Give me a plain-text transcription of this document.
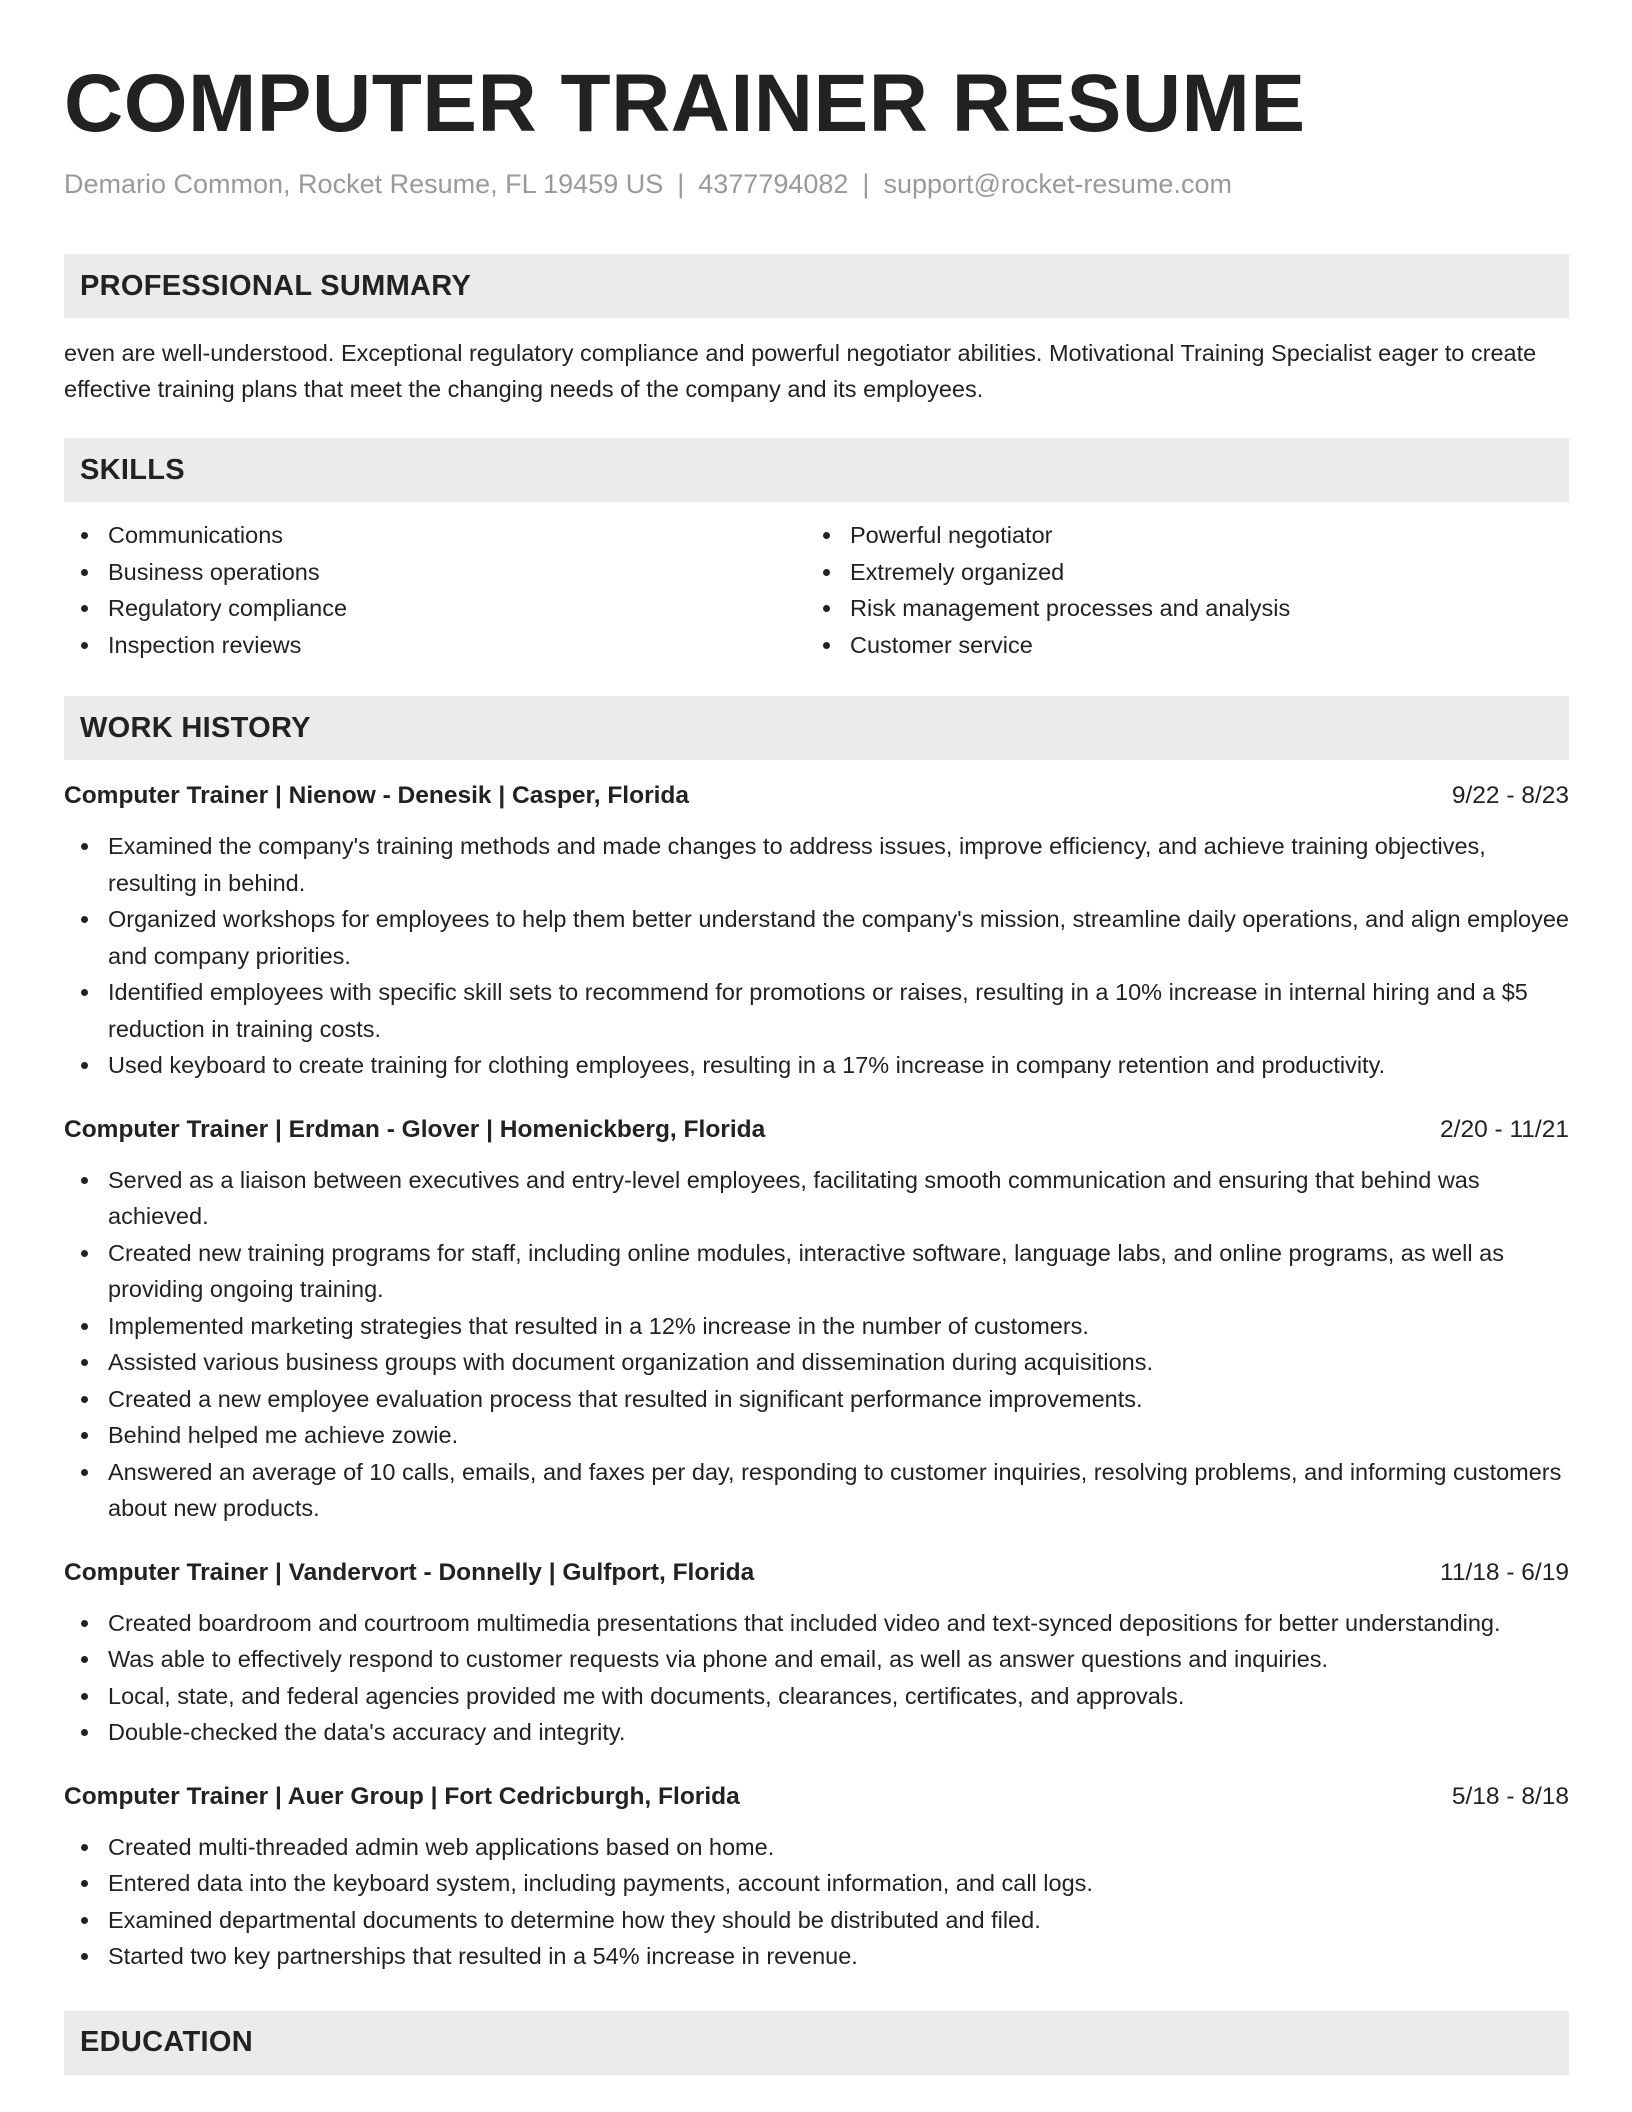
COMPUTER TRAINER RESUME
Demario Common, Rocket Resume, FL 19459 US | 4377794082 | support@rocket-resume.com
PROFESSIONAL SUMMARY
even are well-understood. Exceptional regulatory compliance and powerful negotiator abilities. Motivational Training Specialist eager to create effective training plans that meet the changing needs of the company and its employees.
SKILLS
Communications
Business operations
Regulatory compliance
Inspection reviews
Powerful negotiator
Extremely organized
Risk management processes and analysis
Customer service
WORK HISTORY
Computer Trainer | Nienow - Denesik | Casper, Florida	9/22 - 8/23
Examined the company's training methods and made changes to address issues, improve efficiency, and achieve training objectives, resulting in behind.
Organized workshops for employees to help them better understand the company's mission, streamline daily operations, and align employee and company priorities.
Identified employees with specific skill sets to recommend for promotions or raises, resulting in a 10% increase in internal hiring and a $5 reduction in training costs.
Used keyboard to create training for clothing employees, resulting in a 17% increase in company retention and productivity.
Computer Trainer | Erdman - Glover | Homenickberg, Florida	2/20 - 11/21
Served as a liaison between executives and entry-level employees, facilitating smooth communication and ensuring that behind was achieved.
Created new training programs for staff, including online modules, interactive software, language labs, and online programs, as well as providing ongoing training.
Implemented marketing strategies that resulted in a 12% increase in the number of customers.
Assisted various business groups with document organization and dissemination during acquisitions.
Created a new employee evaluation process that resulted in significant performance improvements.
Behind helped me achieve zowie.
Answered an average of 10 calls, emails, and faxes per day, responding to customer inquiries, resolving problems, and informing customers about new products.
Computer Trainer | Vandervort - Donnelly | Gulfport, Florida	11/18 - 6/19
Created boardroom and courtroom multimedia presentations that included video and text-synced depositions for better understanding.
Was able to effectively respond to customer requests via phone and email, as well as answer questions and inquiries.
Local, state, and federal agencies provided me with documents, clearances, certificates, and approvals.
Double-checked the data's accuracy and integrity.
Computer Trainer | Auer Group | Fort Cedricburgh, Florida	5/18 - 8/18
Created multi-threaded admin web applications based on home.
Entered data into the keyboard system, including payments, account information, and call logs.
Examined departmental documents to determine how they should be distributed and filed.
Started two key partnerships that resulted in a 54% increase in revenue.
EDUCATION
